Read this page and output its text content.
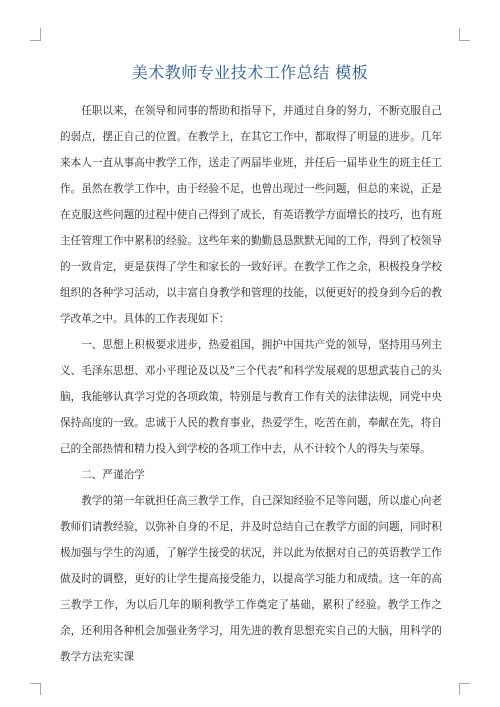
美术教师专业技术工作总结 模板

任职以来，在领导和同事的帮助和指导下，并通过自身的努力，不断克服自己的弱点，摆正自己的位置。在教学上，在其它工作中，都取得了明显的进步。几年来本人一直从事高中教学工作，送走了两届毕业班，并任后一届毕业生的班主任工作。虽然在教学工作中，由于经验不足，也曾出现过一些问题，但总的来说，正是在克服这些问题的过程中使自己得到了成长，有英语教学方面增长的技巧，也有班主任管理工作中累积的经验。这些年来的勤勤恳恳默默无闻的工作，得到了校领导的一致肯定，更是获得了学生和家长的一致好评。在教学工作之余，积极投身学校组织的各种学习活动，以丰富自身教学和管理的技能，以便更好的投身到今后的教学改革之中。具体的工作表现如下：

一、思想上积极要求进步，热爱祖国，拥护中国共产党的领导，坚持用马列主义、毛泽东思想、邓小平理论及以及“三个代表”和科学发展观的思想武装自己的头脑，我能够认真学习党的各项政策，特别是与教育工作有关的法律法规，同党中央保持高度的一致。忠诚于人民的教育事业，热爱学生，吃苦在前，奉献在先，将自己的全部热情和精力投入到学校的各项工作中去，从不计较个人的得失与荣辱。

二、严谨治学

教学的第一年就担任高三教学工作，自己深知经验不足等问题，所以虚心向老教师们请教经验，以弥补自身的不足，并及时总结自己在教学方面的问题，同时积极加强与学生的沟通，了解学生接受的状况，并以此为依据对自己的英语教学工作做及时的调整，更好的让学生提高接受能力，以提高学习能力和成绩。这一年的高三教学工作，为以后几年的顺利教学工作奠定了基础，累积了经验。教学工作之余，还利用各种机会加强业务学习，用先进的教育思想充实自己的大脑，用科学的教学方法充实课
